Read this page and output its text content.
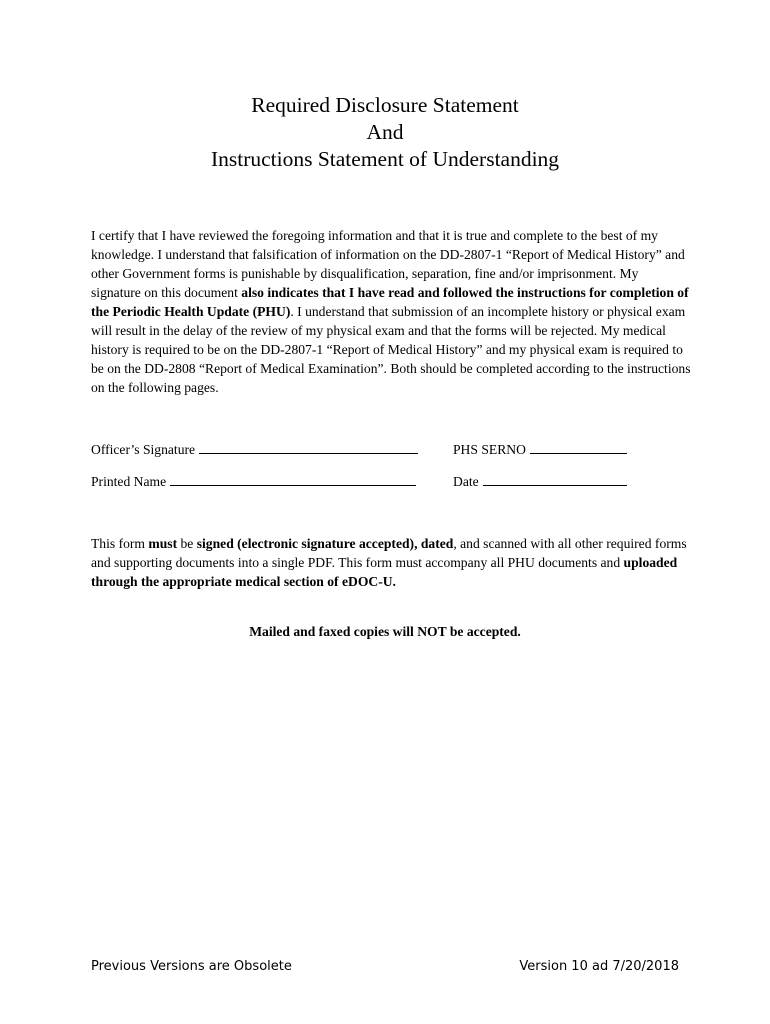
Required Disclosure Statement
And
Instructions Statement of Understanding

I certify that I have reviewed the foregoing information and that it is true and complete to the best of my knowledge. I understand that falsification of information on the DD-2807-1 “Report of Medical History” and other Government forms is punishable by disqualification, separation, fine and/or imprisonment. My signature on this document also indicates that I have read and followed the instructions for completion of the Periodic Health Update (PHU). I understand that submission of an incomplete history or physical exam will result in the delay of the review of my physical exam and that the forms will be rejected. My medical history is required to be on the DD-2807-1 “Report of Medical History” and my physical exam is required to be on the DD-2808 “Report of Medical Examination”. Both should be completed according to the instructions on the following pages.

Officer’s Signature	PHS SERNO
Printed Name	Date

This form must be signed (electronic signature accepted), dated, and scanned with all other required forms and supporting documents into a single PDF. This form must accompany all PHU documents and uploaded through the appropriate medical section of eDOC-U.

Mailed and faxed copies will NOT be accepted.
Previous Versions are Obsolete	Version 10 ad 7/20/2018
